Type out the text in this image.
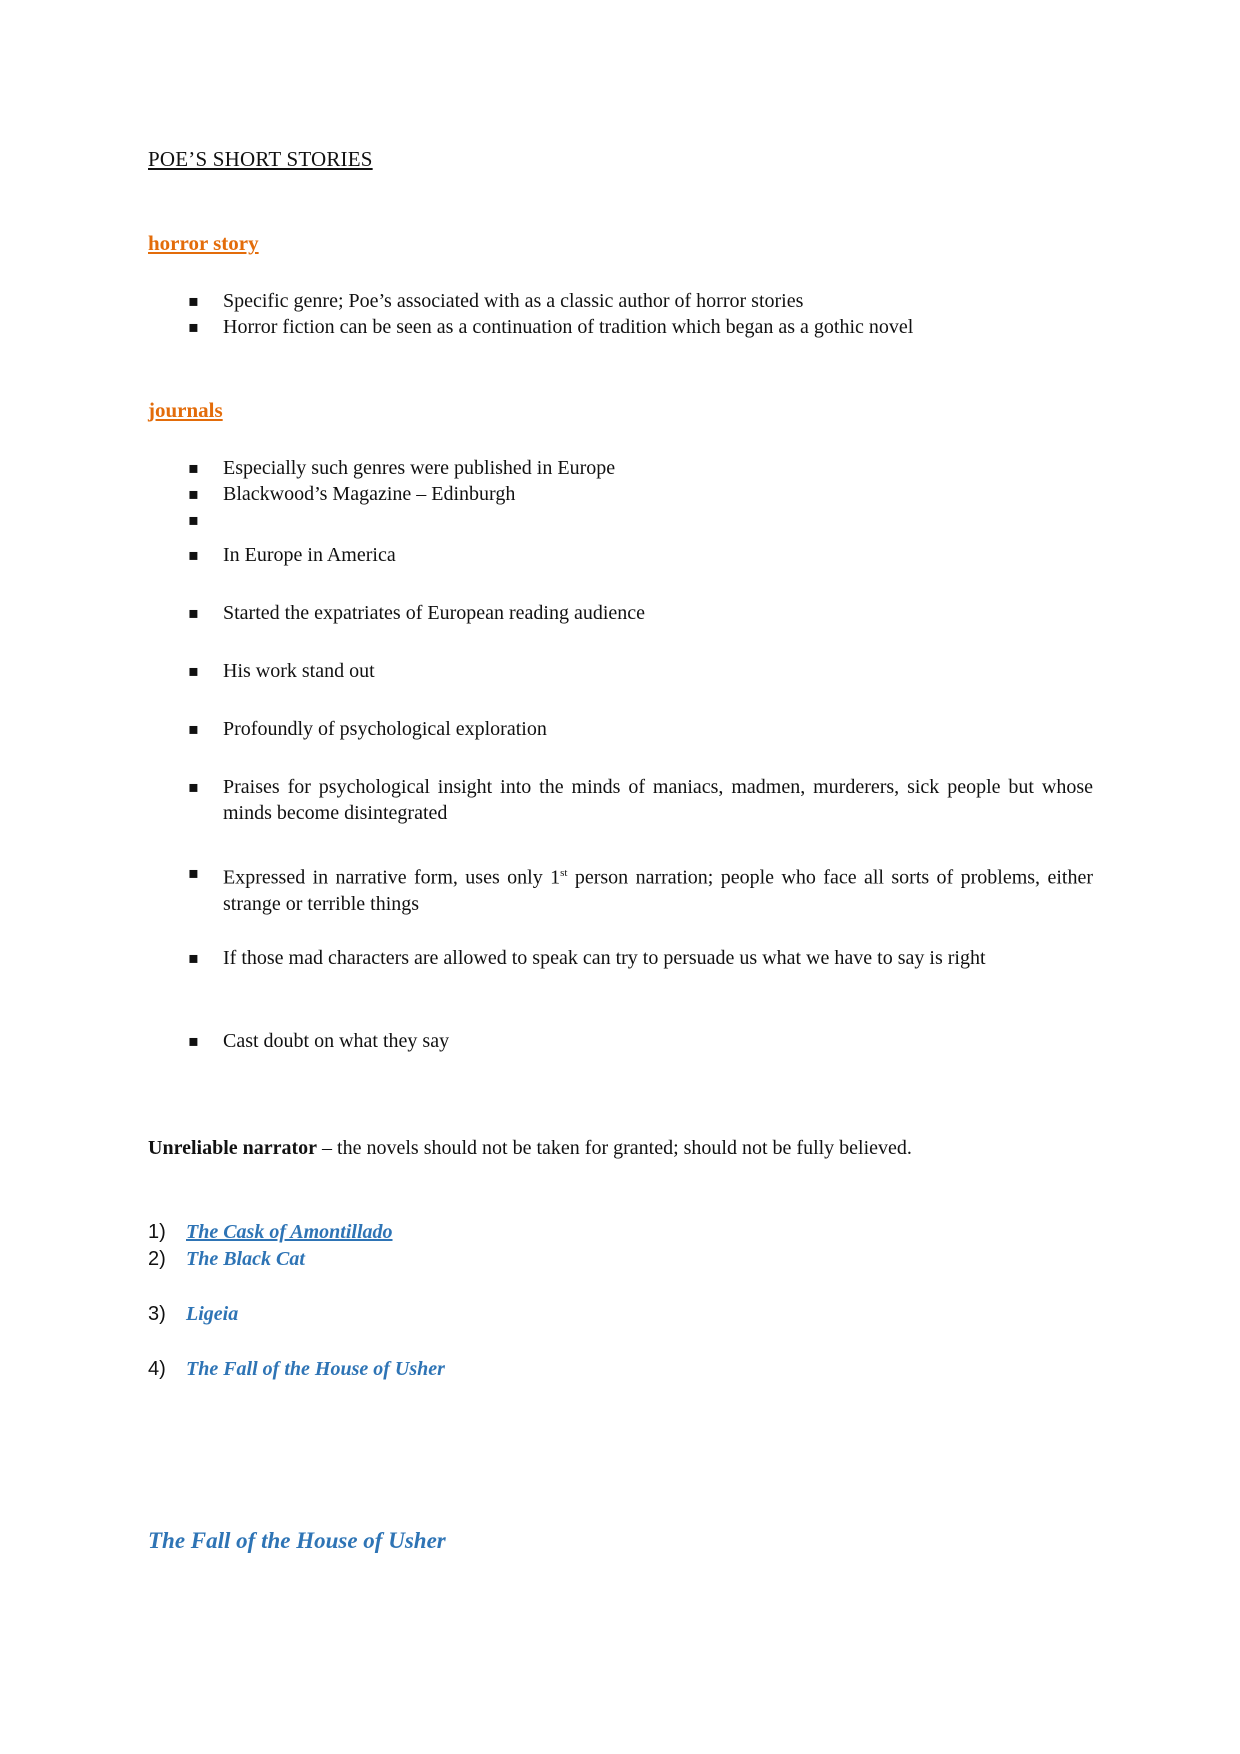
POE’S SHORT STORIES
horror story
▪ Specific genre; Poe’s associated with as a classic author of horror stories
▪ Horror fiction can be seen as a continuation of tradition which began as a gothic novel
journals
▪ Especially such genres were published in Europe
▪ Blackwood’s Magazine – Edinburgh
▪
▪ In Europe in America
▪ Started the expatriates of European reading audience
▪ His work stand out
▪ Profoundly of psychological exploration
▪ Praises for psychological insight into the minds of maniacs, madmen, murderers, sick people but whose minds become disintegrated
▪ Expressed in narrative form, uses only 1st person narration; people who face all sorts of problems, either strange or terrible things
▪ If those mad characters are allowed to speak can try to persuade us what we have to say is right
▪ Cast doubt on what they say
Unreliable narrator – the novels should not be taken for granted; should not be fully believed.
1) The Cask of Amontillado
2) The Black Cat
3) Ligeia
4) The Fall of the House of Usher
The Fall of the House of Usher
